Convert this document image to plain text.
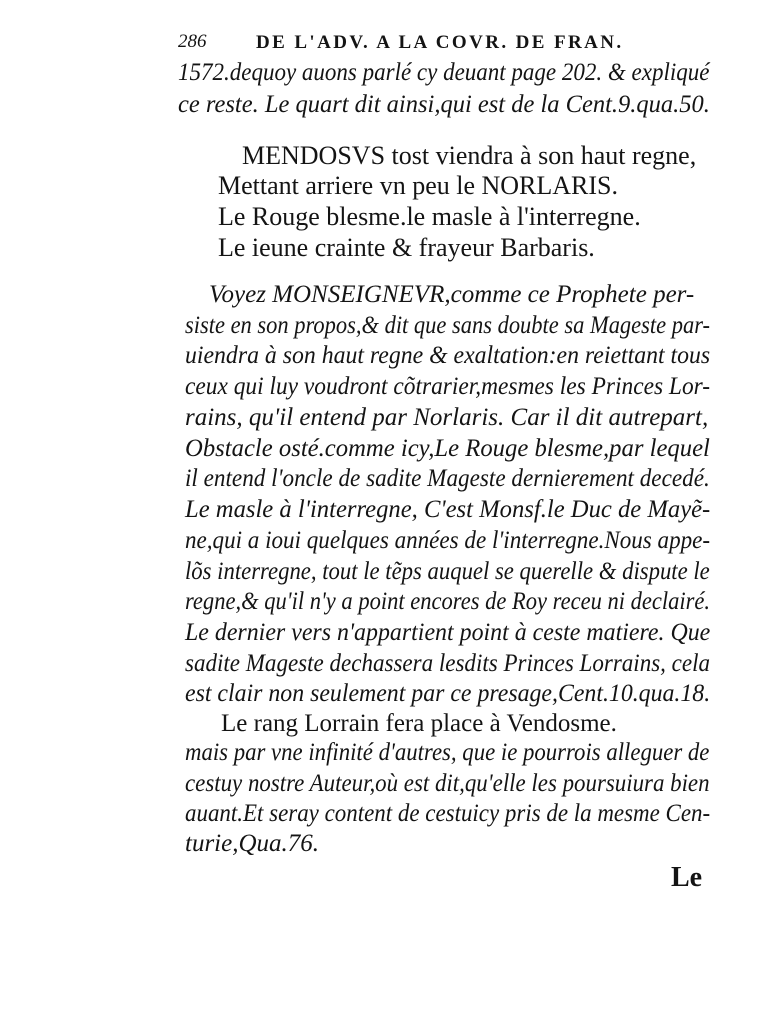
286	DE L'ADV. A LA COVR. DE FRAN.
1572.dequoy auons parlé cy deuant page 202. & expliqué
ce reste. Le quart dit ainsi,qui est de la Cent.9.qua.50.
MENDOSVS tost viendra à son haut regne,
Mettant arriere vn peu le NORLARIS.
Le Rouge blesme.le masle à l'interregne.
Le ieune crainte & frayeur Barbaris.
Voyez MONSEIGNEVR,comme ce Prophete per-
siste en son propos,& dit que sans doubte sa Mageste par-
uiendra à son haut regne & exaltation:en reiettant tous
ceux qui luy voudront cõtrarier,mesmes les Princes Lor-
rains, qu'il entend par Norlaris. Car il dit autrepart,
Obstacle osté.comme icy,Le Rouge blesme,par lequel
il entend l'oncle de sadite Mageste dernierement decedé.
Le masle à l'interregne, C'est Monsf.le Duc de Mayẽ-
ne,qui a ioui quelques années de l'interregne.Nous appe-
lõs interregne, tout le tẽps auquel se querelle & dispute le
regne,& qu'il n'y a point encores de Roy receu ni declairé.
Le dernier vers n'appartient point à ceste matiere. Que
sadite Mageste dechassera lesdits Princes Lorrains, cela
est clair non seulement par ce presage,Cent.10.qua.18.
Le rang Lorrain fera place à Vendosme.
mais par vne infinité d'autres, que ie pourrois alleguer de
cestuy nostre Auteur,où est dit,qu'elle les poursuiura bien
auant.Et seray content de cestuicy pris de la mesme Cen-
turie,Qua.76.
Le
